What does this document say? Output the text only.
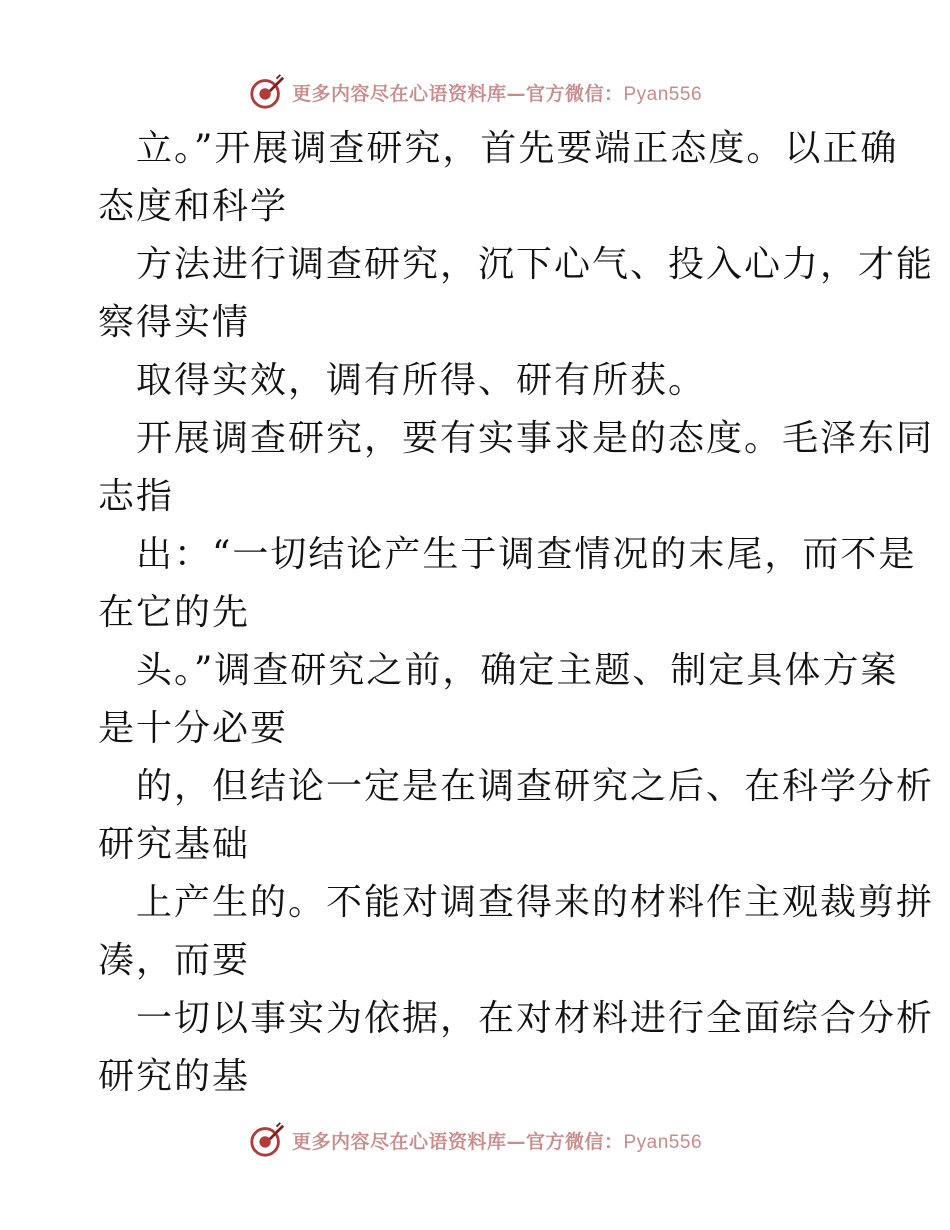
更多内容尽在心语资料库—官方微信：Pyan556
立。”开展调查研究，首先要端正态度。以正确
态度和科学
方法进行调查研究，沉下心气、投入心力，才能
察得实情
取得实效，调有所得、研有所获。
开展调查研究，要有实事求是的态度。毛泽东同
志指
出：“一切结论产生于调查情况的末尾，而不是
在它的先
头。”调查研究之前，确定主题、制定具体方案
是十分必要
的，但结论一定是在调查研究之后、在科学分析
研究基础
上产生的。不能对调查得来的材料作主观裁剪拼
凑，而要
一切以事实为依据，在对材料进行全面综合分析
研究的基
更多内容尽在心语资料库—官方微信：Pyan556
